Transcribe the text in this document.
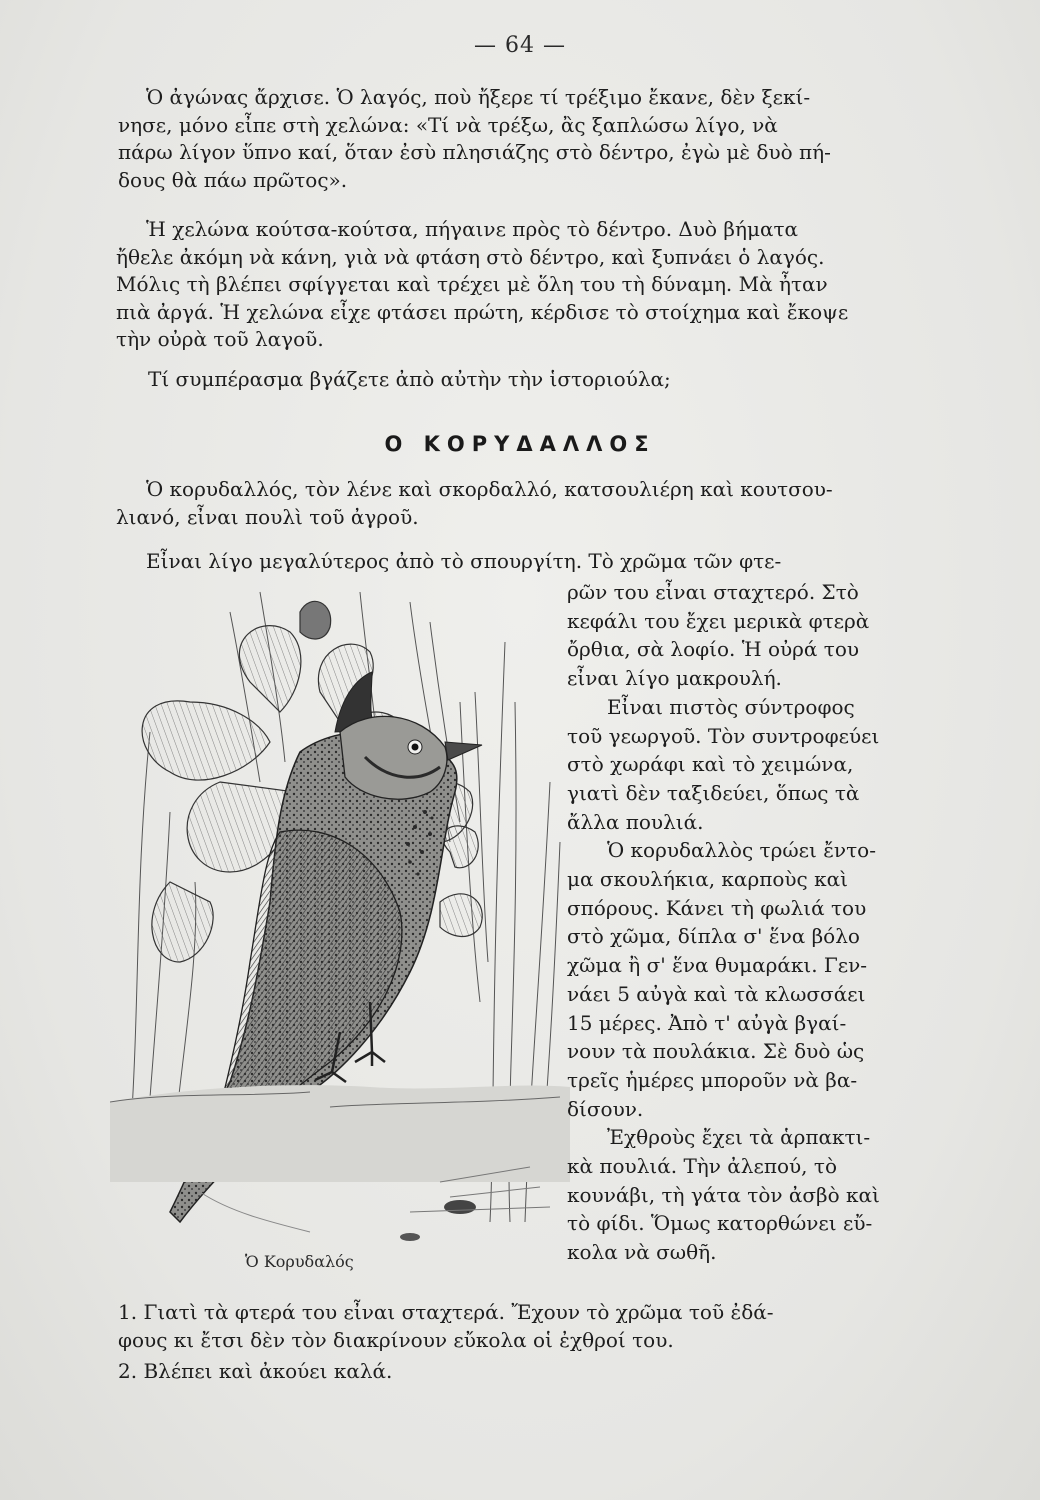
— 64 —
Ὁ ἀγώνας ἄρχισε. Ὁ λαγός, ποὺ ἤξερε τί τρέξιμο ἔκανε, δὲν ξεκί-
νησε, μόνο εἶπε στὴ χελώνα: «Τί νὰ τρέξω, ἂς ξαπλώσω λίγο, νὰ
πάρω λίγον ὕπνο καί, ὅταν ἐσὺ πλησιάζης στὸ δέντρο, ἐγὼ μὲ δυὸ πή-
δους θὰ πάω πρῶτος».
Ἡ χελώνα κούτσα-κούτσα, πήγαινε πρὸς τὸ δέντρο. Δυὸ βήματα
ἤθελε ἀκόμη νὰ κάνη, γιὰ νὰ φτάση στὸ δέντρο, καὶ ξυπνάει ὁ λαγός.
Μόλις τὴ βλέπει σφίγγεται καὶ τρέχει μὲ ὅλη του τὴ δύναμη. Μὰ ἦταν
πιὰ ἀργά. Ἡ χελώνα εἶχε φτάσει πρώτη, κέρδισε τὸ στοίχημα καὶ ἔκοψε
τὴν οὐρὰ τοῦ λαγοῦ.
Τί συμπέρασμα βγάζετε ἀπὸ αὐτὴν τὴν ἱστοριούλα;
Ο ΚΟΡΥΔΑΛΛΟΣ
Ὁ κορυδαλλός, τὸν λένε καὶ σκορδαλλό, κατσουλιέρη καὶ κουτσου-
λιανό, εἶναι πουλὶ τοῦ ἀγροῦ.
Εἶναι λίγο μεγαλύτερος ἀπὸ τὸ σπουργίτη. Τὸ χρῶμα τῶν φτε-
Ὁ Κορυδαλός
ρῶν του εἶναι σταχτερό. Στὸ
κεφάλι του ἔχει μερικὰ φτερὰ
ὄρθια, σὰ λοφίο. Ἡ οὐρά του
εἶναι λίγο μακρουλή.
Εἶναι πιστὸς σύντροφος
τοῦ γεωργοῦ. Τὸν συντροφεύει
στὸ χωράφι καὶ τὸ χειμώνα,
γιατὶ δὲν ταξιδεύει, ὅπως τὰ
ἄλλα πουλιά.
Ὁ κορυδαλλὸς τρώει ἔντο-
μα σκουλήκια, καρποὺς καὶ
σπόρους. Κάνει τὴ φωλιά του
στὸ χῶμα, δίπλα σ' ἕνα βόλο
χῶμα ἢ σ' ἕνα θυμαράκι. Γεν-
νάει 5 αὐγὰ καὶ τὰ κλωσσάει
15 μέρες. Ἀπὸ τ' αὐγὰ βγαί-
νουν τὰ πουλάκια. Σὲ δυὸ ὡς
τρεῖς ἡμέρες μποροῦν νὰ βα-
δίσουν.
Ἐχθροὺς ἔχει τὰ ἁρπακτι-
κὰ πουλιά. Τὴν ἀλεπού, τὸ
κουνάβι, τὴ γάτα τὸν ἀσβὸ καὶ
τὸ φίδι. Ὅμως κατορθώνει εὔ-
κολα νὰ σωθῆ.
1. Γιατὶ τὰ φτερά του εἶναι σταχτερά. Ἔχουν τὸ χρῶμα τοῦ ἐδά-
φους κι ἔτσι δὲν τὸν διακρίνουν εὔκολα οἱ ἐχθροί του.
2. Βλέπει καὶ ἀκούει καλά.
